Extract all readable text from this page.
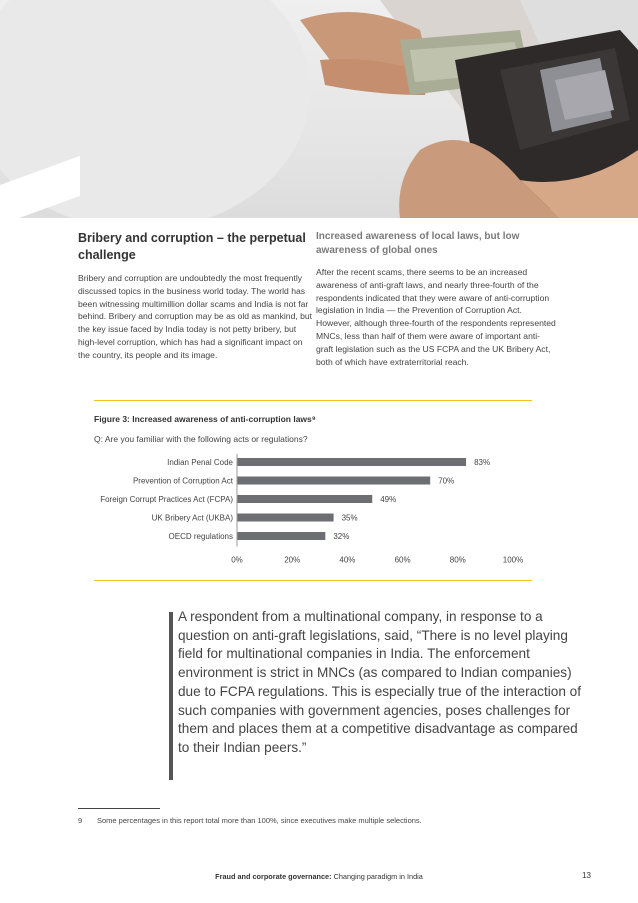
Bribery and corruption – the perpetual challenge

Bribery and corruption are undoubtedly the most frequently discussed topics in the business world today. The world has been witnessing multimillion dollar scams and India is not far behind. Bribery and corruption may be as old as mankind, but the key issue faced by India today is not petty bribery, but high-level corruption, which has had a significant impact on the country, its people and its image.

Increased awareness of local laws, but low awareness of global ones

After the recent scams, there seems to be an increased awareness of anti-graft laws, and nearly three-fourth of the respondents indicated that they were aware of anti-corruption legislation in India — the Prevention of Corruption Act. However, although three-fourth of the respondents represented MNCs, less than half of them were aware of important anti-graft legislation such as the US FCPA and the UK Bribery Act, both of which have extraterritorial reach.

Figure 3: Increased awareness of anti-corruption laws⁹
Q: Are you familiar with the following acts or regulations?
Indian Penal Code
Prevention of Corruption Act
Foreign Corrupt Practices Act (FCPA)
UK Bribery Act (UKBA)
OECD regulations
83%
70%
49%
35%
32%
0%	20%	40%	60%	80%	100%

A respondent from a multinational company, in response to a question on anti-graft legislations, said, “There is no level playing field for multinational companies in India. The enforcement environment is strict in MNCs (as compared to Indian companies) due to FCPA regulations. This is especially true of the interaction of such companies with government agencies, poses challenges for them and places them at a competitive disadvantage as compared to their Indian peers.”

9 Some percentages in this report total more than 100%, since executives make multiple selections.
Fraud and corporate governance: Changing paradigm in India	13
